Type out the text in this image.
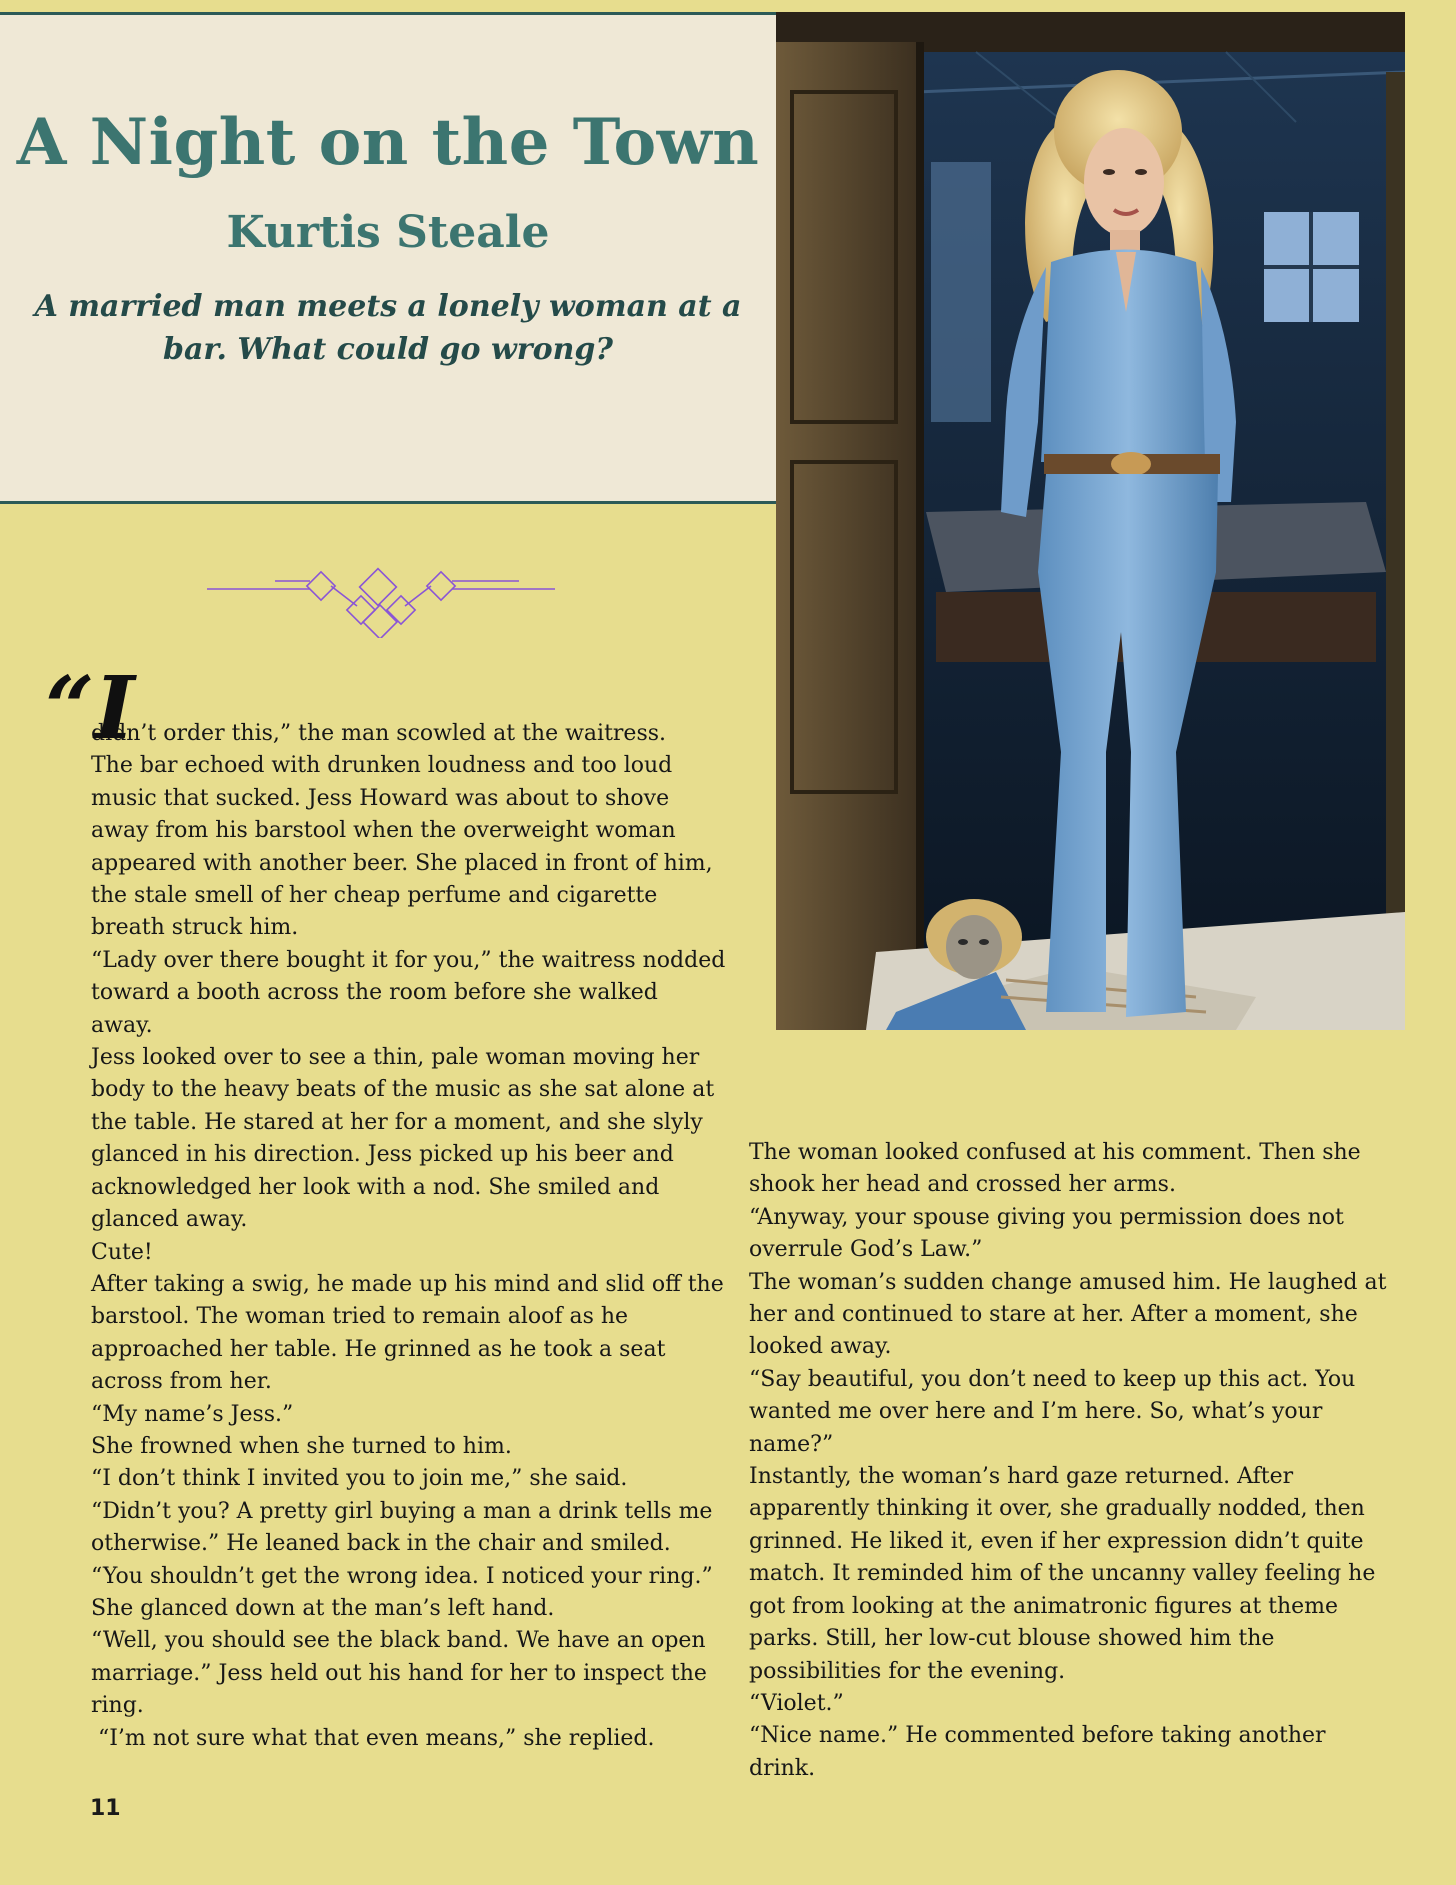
A Night on the Town
Kurtis Steale
A married man meets a lonely woman at a
bar. What could go wrong?

“I
didn’t order this,” the man scowled at the waitress.

The bar echoed with drunken loudness and too loud

music that sucked. Jess Howard was about to shove

away from his barstool when the overweight woman

appeared with another beer. She placed in front of him,

the stale smell of her cheap perfume and cigarette

breath struck him.

“Lady over there bought it for you,” the waitress nodded

toward a booth across the room before she walked

away.

Jess looked over to see a thin, pale woman moving her

body to the heavy beats of the music as she sat alone at

the table. He stared at her for a moment, and she slyly

glanced in his direction. Jess picked up his beer and

acknowledged her look with a nod. She smiled and

glanced away.

Cute!

After taking a swig, he made up his mind and slid off the

barstool. The woman tried to remain aloof as he

approached her table. He grinned as he took a seat

across from her.

“My name’s Jess.”

She frowned when she turned to him.

“I don’t think I invited you to join me,” she said.

“Didn’t you? A pretty girl buying a man a drink tells me

otherwise.” He leaned back in the chair and smiled.

“You shouldn’t get the wrong idea. I noticed your ring.”

She glanced down at the man’s left hand.

“Well, you should see the black band. We have an open

marriage.” Jess held out his hand for her to inspect the

ring.

“I’m not sure what that even means,” she replied.

The woman looked confused at his comment. Then she

shook her head and crossed her arms.

“Anyway, your spouse giving you permission does not

overrule God’s Law.”

The woman’s sudden change amused him. He laughed at

her and continued to stare at her. After a moment, she

looked away.

“Say beautiful, you don’t need to keep up this act. You

wanted me over here and I’m here. So, what’s your

name?”

Instantly, the woman’s hard gaze returned. After

apparently thinking it over, she gradually nodded, then

grinned. He liked it, even if her expression didn’t quite

match. It reminded him of the uncanny valley feeling he

got from looking at the animatronic figures at theme

parks. Still, her low-cut blouse showed him the

possibilities for the evening.

“Violet.”

“Nice name.” He commented before taking another

drink.

11
